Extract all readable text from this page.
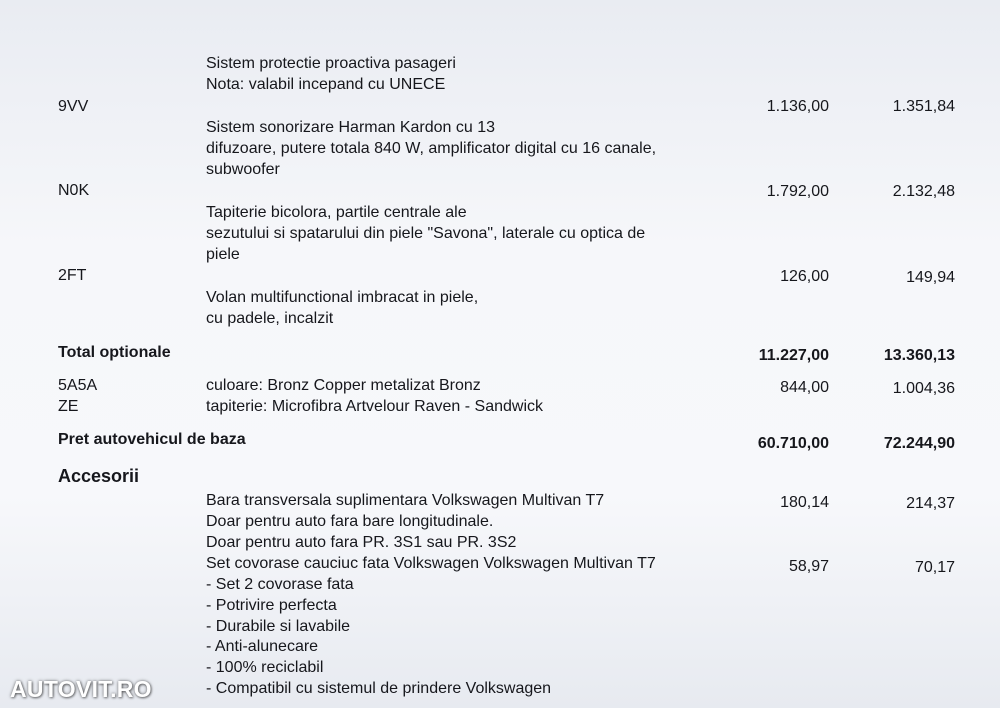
Sistem protectie proactiva pasageri
Nota: valabil incepand cu UNECE
9VV	1.136,00	1.351,84
Sistem sonorizare Harman Kardon cu 13
difuzoare, putere totala 840 W, amplificator digital cu 16 canale,
subwoofer
N0K	1.792,00	2.132,48
Tapiterie bicolora, partile centrale ale
sezutului si spatarului din piele "Savona", laterale cu optica de
piele
2FT	126,00	149,94
Volan multifunctional imbracat in piele,
cu padele, incalzit
Total optionale	11.227,00	13.360,13
5A5A	culoare: Bronz Copper metalizat Bronz	844,00	1.004,36
ZE	tapiterie: Microfibra Artvelour Raven - Sandwick
Pret autovehicul de baza	60.710,00	72.244,90
Accesorii
Bara transversala suplimentara Volkswagen Multivan T7	180,14	214,37
Doar pentru auto fara bare longitudinale.
Doar pentru auto fara PR. 3S1 sau PR. 3S2
Set covorase cauciuc fata Volkswagen Volkswagen Multivan T7	58,97	70,17
- Set 2 covorase fata
- Potrivire perfecta
- Durabile si lavabile
- Anti-alunecare
- 100% reciclabil
- Compatibil cu sistemul de prindere Volkswagen
AUTOVIT.RO
